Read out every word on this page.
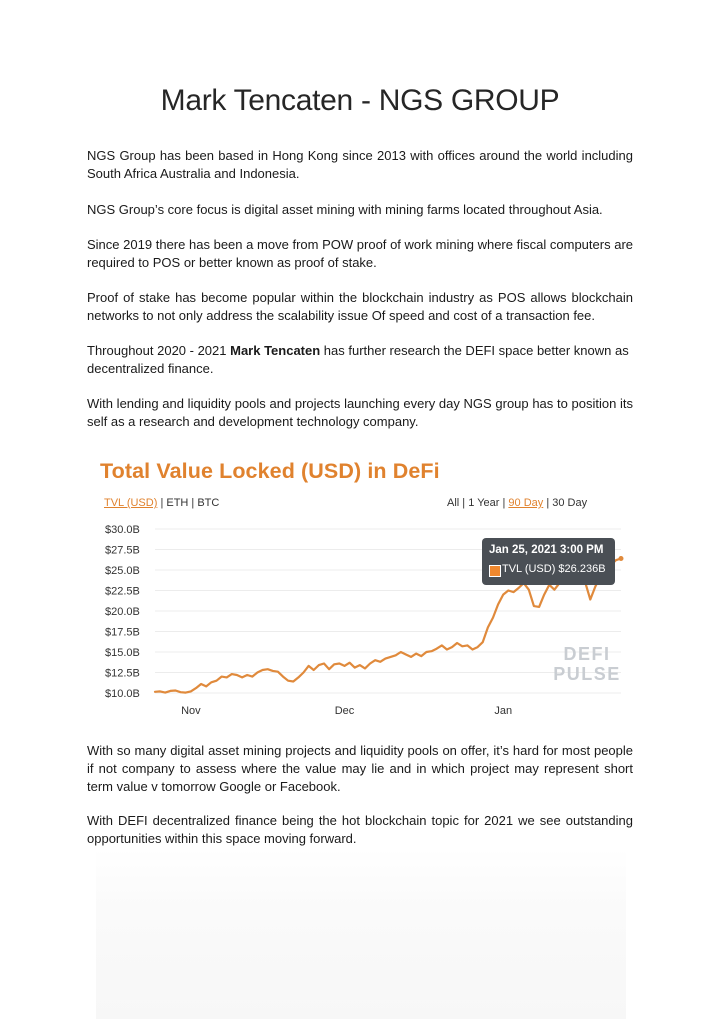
Mark Tencaten - NGS GROUP

NGS Group has been based in Hong Kong since 2013 with offices around the world including South Africa Australia and Indonesia.

NGS Group’s core focus is digital asset mining with mining farms located throughout Asia.

Since 2019 there has been a move from POW proof of work mining where fiscal computers are required to POS or better known as proof of stake.

Proof of stake has become popular within the blockchain industry as POS allows blockchain networks to not only address the scalability issue Of speed and cost of a transaction fee.

Throughout 2020 - 2021 Mark Tencaten has further research the DEFI space better known as
decentralized finance.

With lending and liquidity pools and projects launching every day NGS group has to position its self as a research and development technology company.

Total Value Locked (USD) in DeFi
TVL (USD) | ETH | BTC	All | 1 Year | 90 Day | 30 Day
$30.0B
$27.5B
$25.0B
$22.5B
$20.0B
$17.5B
$15.0B
$12.5B
$10.0B
Nov	Dec	Jan
DEFI
PULSE
Jan 25, 2021 3:00 PM
TVL (USD) $26.236B

With so many digital asset mining projects and liquidity pools on offer, it’s hard for most people if not company to assess where the value may lie and in which project may represent short term value v tomorrow Google or Facebook.

With DEFI decentralized finance being the hot blockchain topic for 2021 we see outstanding opportunities within this space moving forward.
